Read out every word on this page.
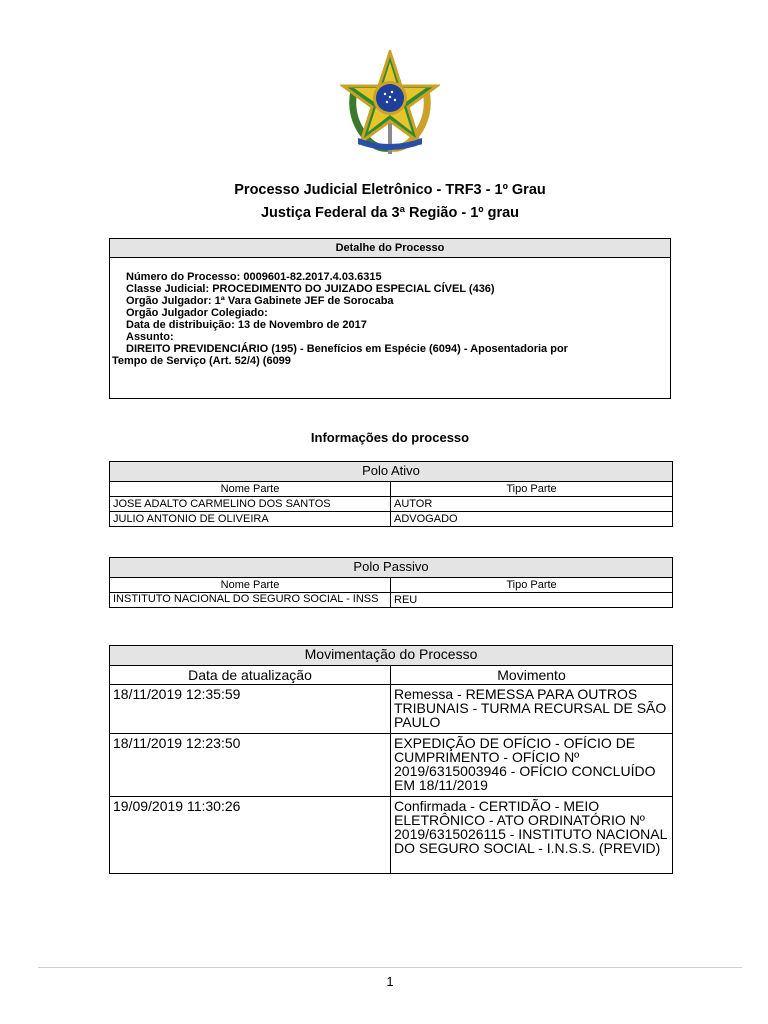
Processo Judicial Eletrônico - TRF3 - 1º Grau
Justiça Federal da 3ª Região - 1º grau
Detalhe do Processo
Número do Processo: 0009601-82.2017.4.03.6315
Classe Judicial: PROCEDIMENTO DO JUIZADO ESPECIAL CÍVEL (436)
Orgão Julgador: 1ª Vara Gabinete JEF de Sorocaba
Orgão Julgador Colegiado:
Data de distribuição: 13 de Novembro de 2017
Assunto:
DIREITO PREVIDENCIÁRIO (195) - Benefícios em Espécie (6094) - Aposentadoria por
Tempo de Serviço (Art. 52/4) (6099
Informações do processo
Polo Ativo	
Nome Parte	Tipo Parte
JOSE ADALTO CARMELINO DOS SANTOS	AUTOR
JULIO ANTONIO DE OLIVEIRA	ADVOGADO
Polo Passivo	
Nome Parte	Tipo Parte
INSTITUTO NACIONAL DO SEGURO SOCIAL - INSS	REU
Movimentação do Processo	
Data de atualização	Movimento
18/11/2019 12:35:59	Remessa - REMESSA PARA OUTROS TRIBUNAIS - TURMA RECURSAL DE SÃO PAULO
18/11/2019 12:23:50	EXPEDIÇÃO DE OFÍCIO - OFÍCIO DE CUMPRIMENTO - OFÍCIO Nº 2019/6315003946 - OFÍCIO CONCLUÍDO EM 18/11/2019
19/09/2019 11:30:26	Confirmada - CERTIDÃO - MEIO ELETRÔNICO - ATO ORDINATÓRIO Nº 2019/6315026115 - INSTITUTO NACIONAL DO SEGURO SOCIAL - I.N.S.S. (PREVID)
1
